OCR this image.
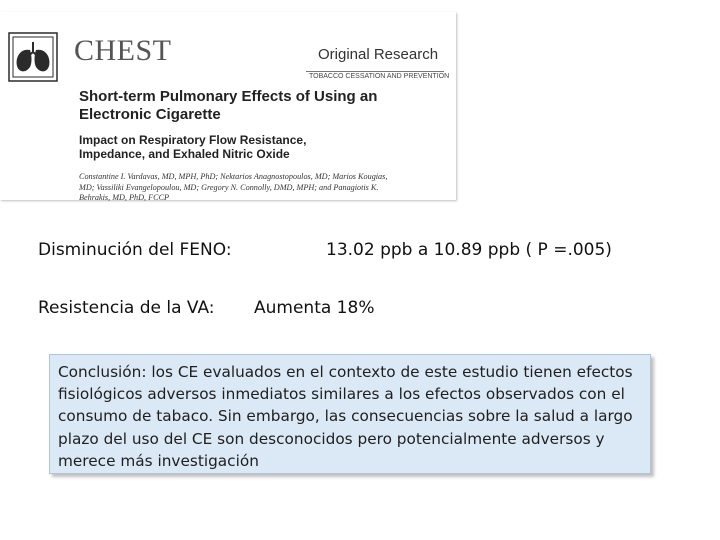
CHEST	Original Research
TOBACCO CESSATION AND PREVENTION
Short-term Pulmonary Effects of Using an Electronic Cigarette
Impact on Respiratory Flow Resistance, Impedance, and Exhaled Nitric Oxide
Constantine I. Vardavas, MD, MPH, PhD; Nektarios Anagnostopoulos, MD; Marios Kougias, MD; Vassiliki Evangelopoulou, MD; Gregory N. Connolly, DMD, MPH; and Panagiotis K. Behrakis, MD, PhD, FCCP
Disminución del FENO:	13.02 ppb a 10.89 ppb ( P =.005)
Resistencia de la VA: Aumenta 18%
Conclusión: los CE evaluados en el contexto de este estudio tienen efectos fisiológicos adversos inmediatos similares a los efectos observados con el consumo de tabaco. Sin embargo, las consecuencias sobre la salud a largo plazo del uso del CE son desconocidos pero potencialmente adversos y merece más investigación
